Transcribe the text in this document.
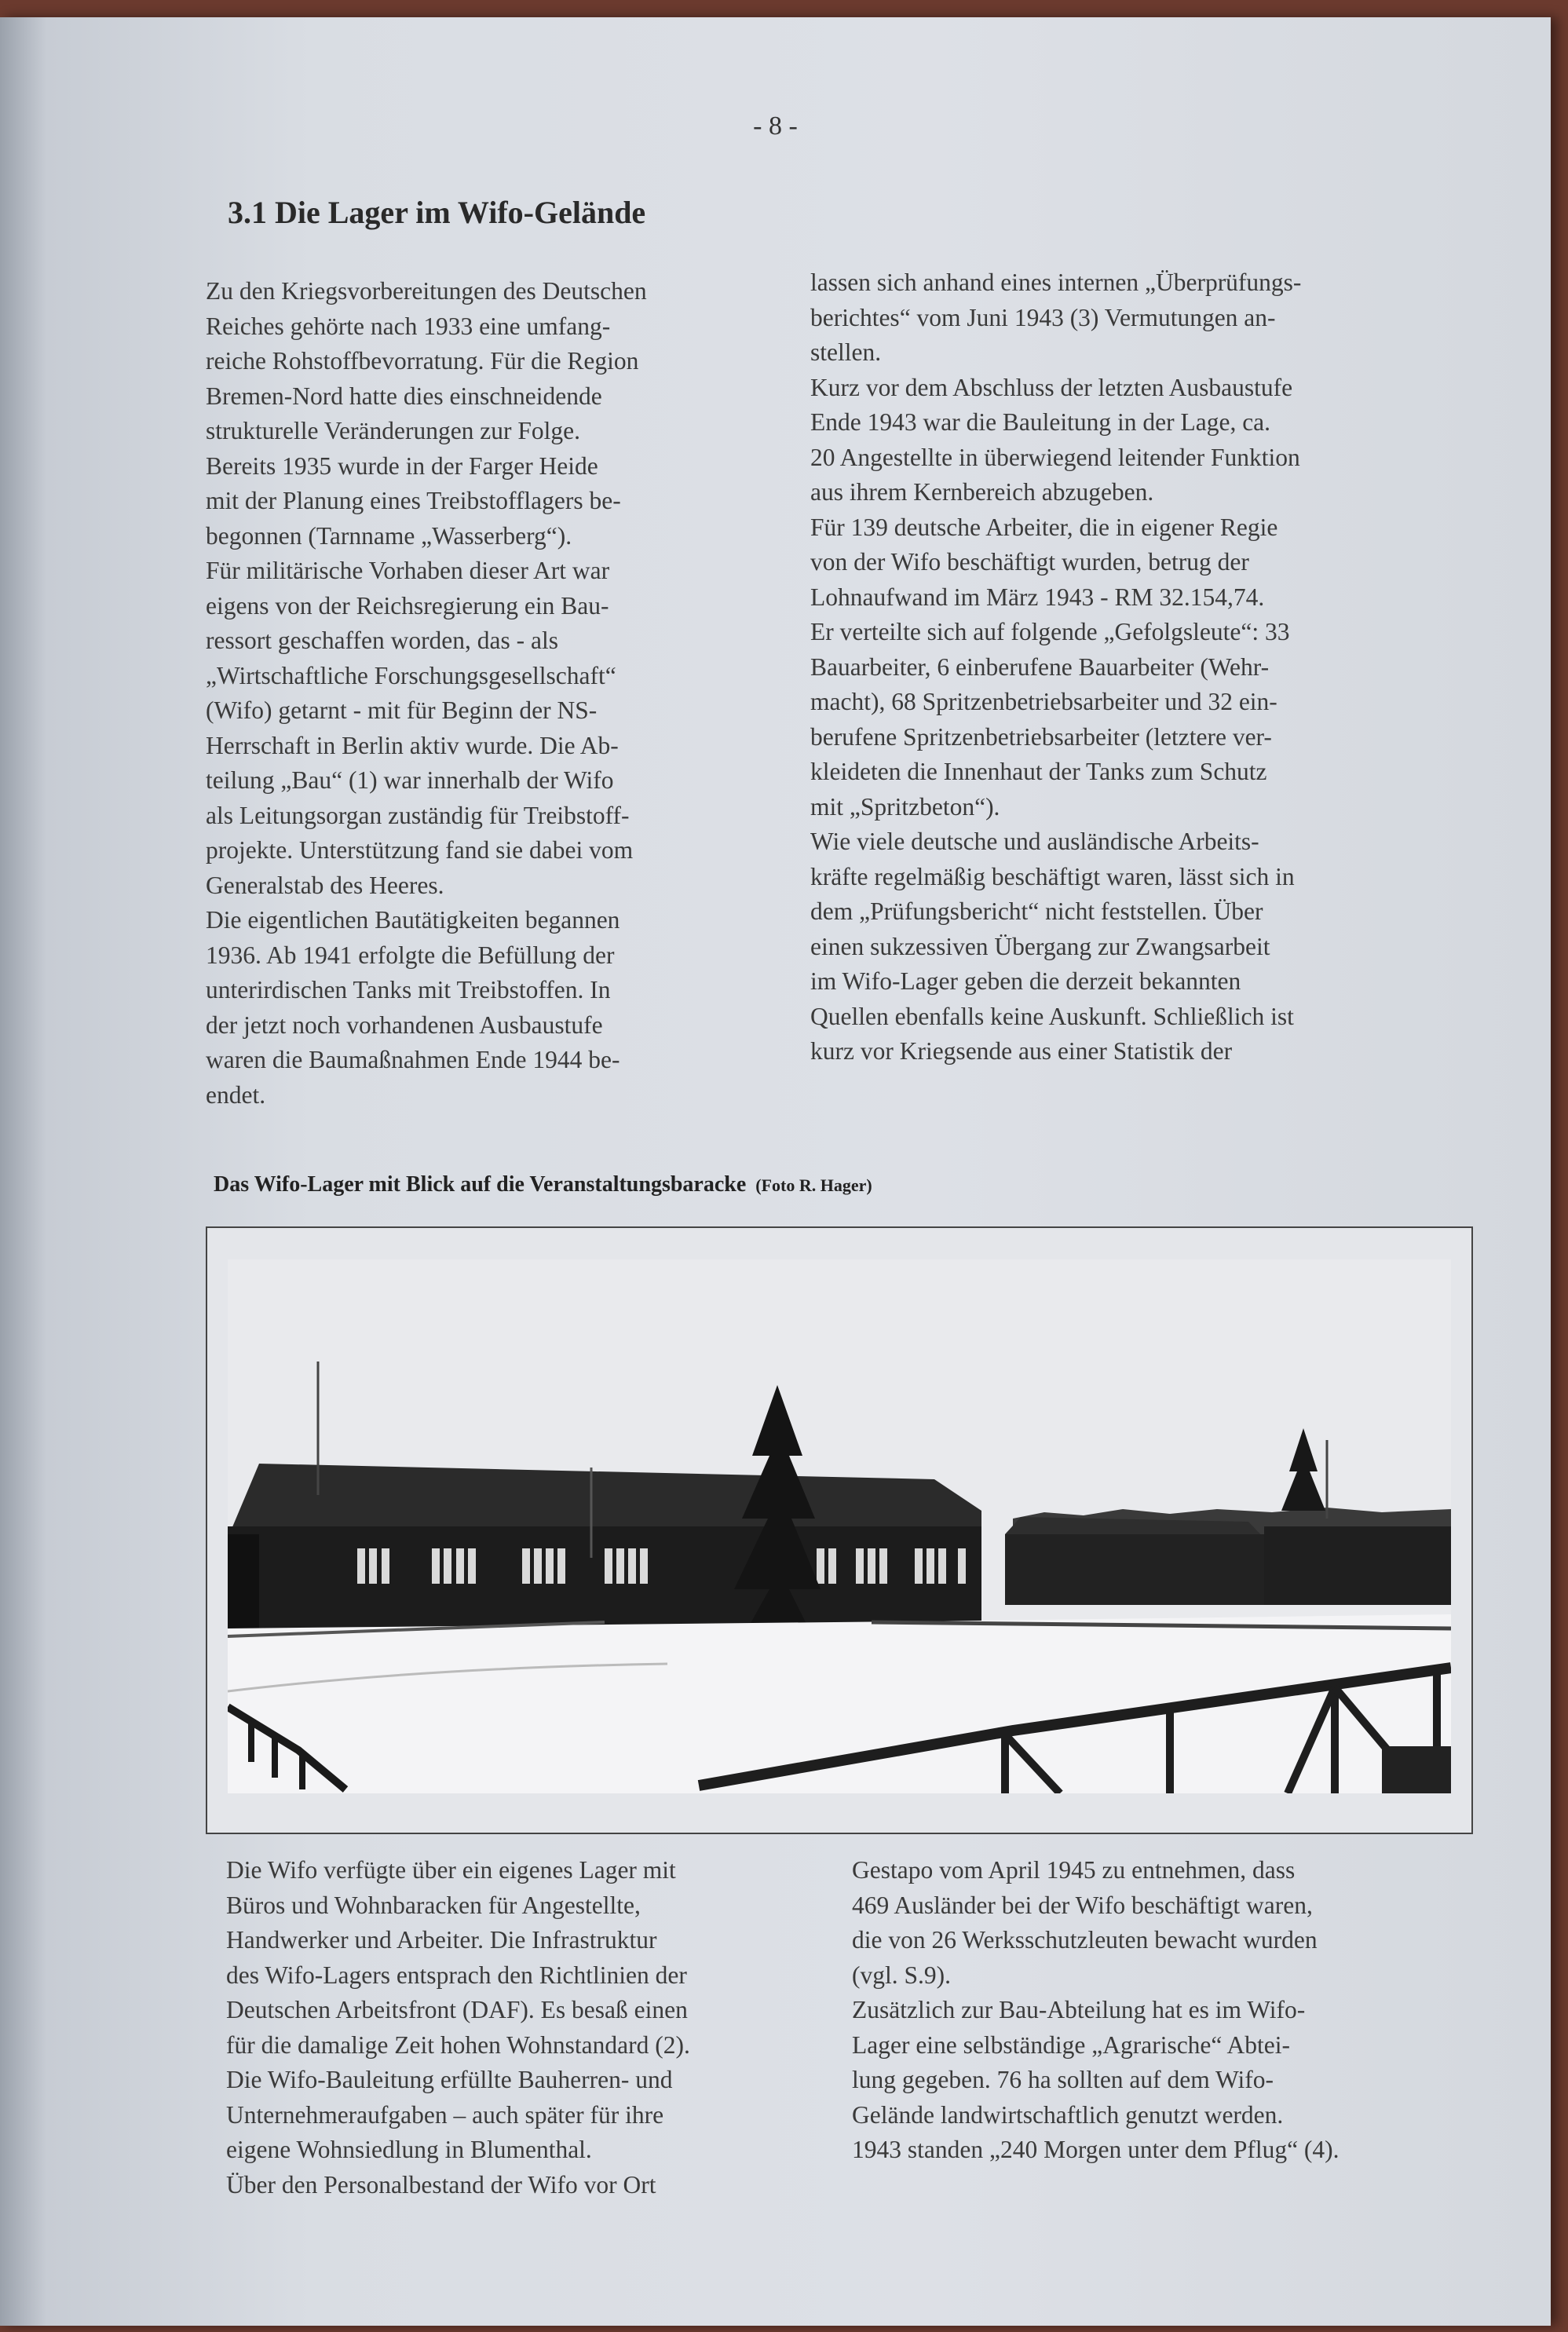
- 8 -
3.1 Die Lager im Wifo-Gelände

Zu den Kriegsvorbereitungen des Deutschen

Reiches gehörte nach 1933 eine umfang-

reiche Rohstoffbevorratung. Für die Region

Bremen-Nord hatte dies einschneidende

strukturelle Veränderungen zur Folge.

Bereits 1935 wurde in der Farger Heide

mit der Planung eines Treibstofflagers be-

begonnen (Tarnname „Wasserberg“).

Für militärische Vorhaben dieser Art war

eigens von der Reichsregierung ein Bau-

ressort geschaffen worden, das - als

„Wirtschaftliche Forschungsgesellschaft“

(Wifo) getarnt - mit für Beginn der NS-

Herrschaft in Berlin aktiv wurde. Die Ab-

teilung „Bau“ (1) war innerhalb der Wifo

als Leitungsorgan zuständig für Treibstoff-

projekte. Unterstützung fand sie dabei vom

Generalstab des Heeres.

Die eigentlichen Bautätigkeiten begannen

1936. Ab 1941 erfolgte die Befüllung der

unterirdischen Tanks mit Treibstoffen. In

der jetzt noch vorhandenen Ausbaustufe

waren die Baumaßnahmen Ende 1944 be-

endet.

lassen sich anhand eines internen „Überprüfungs-

berichtes“ vom Juni 1943 (3) Vermutungen an-

stellen.

Kurz vor dem Abschluss der letzten Ausbaustufe

Ende 1943 war die Bauleitung in der Lage, ca.

20 Angestellte in überwiegend leitender Funktion

aus ihrem Kernbereich abzugeben.

Für 139 deutsche Arbeiter, die in eigener Regie

von der Wifo beschäftigt wurden, betrug der

Lohnaufwand im März 1943 - RM 32.154,74.

Er verteilte sich auf folgende „Gefolgsleute“: 33

Bauarbeiter, 6 einberufene Bauarbeiter (Wehr-

macht), 68 Spritzenbetriebsarbeiter und 32 ein-

berufene Spritzenbetriebsarbeiter (letztere ver-

kleideten die Innenhaut der Tanks zum Schutz

mit „Spritzbeton“).

Wie viele deutsche und ausländische Arbeits-

kräfte regelmäßig beschäftigt waren, lässt sich in

dem „Prüfungsbericht“ nicht feststellen. Über

einen sukzessiven Übergang zur Zwangsarbeit

im Wifo-Lager geben die derzeit bekannten

Quellen ebenfalls keine Auskunft. Schließlich ist

kurz vor Kriegsende aus einer Statistik der

Das Wifo-Lager mit Blick auf die Veranstaltungsbaracke (Foto R. Hager)

Die Wifo verfügte über ein eigenes Lager mit

Büros und Wohnbaracken für Angestellte,

Handwerker und Arbeiter. Die Infrastruktur

des Wifo-Lagers entsprach den Richtlinien der

Deutschen Arbeitsfront (DAF). Es besaß einen

für die damalige Zeit hohen Wohnstandard (2).

Die Wifo-Bauleitung erfüllte Bauherren- und

Unternehmeraufgaben – auch später für ihre

eigene Wohnsiedlung in Blumenthal.

Über den Personalbestand der Wifo vor Ort

Gestapo vom April 1945 zu entnehmen, dass

469 Ausländer bei der Wifo beschäftigt waren,

die von 26 Werksschutzleuten bewacht wurden

(vgl. S.9).

Zusätzlich zur Bau-Abteilung hat es im Wifo-

Lager eine selbständige „Agrarische“ Abtei-

lung gegeben. 76 ha sollten auf dem Wifo-

Gelände landwirtschaftlich genutzt werden.

1943 standen „240 Morgen unter dem Pflug“ (4).
